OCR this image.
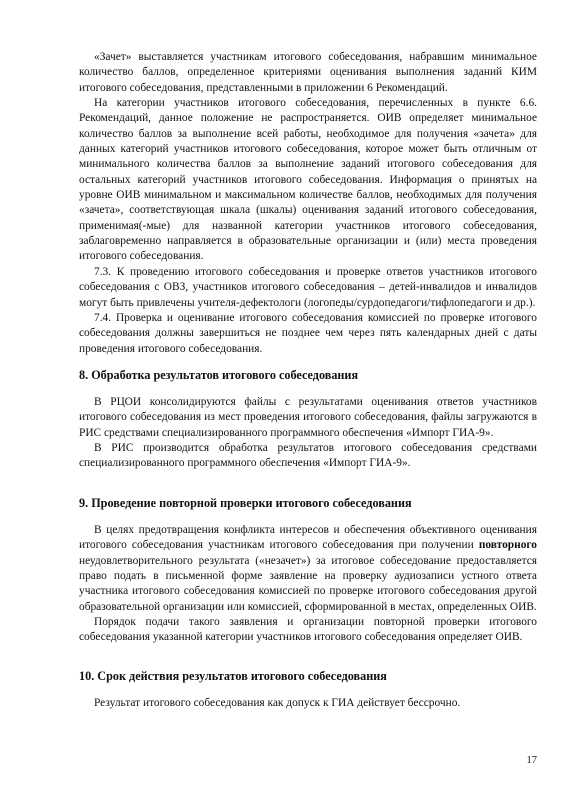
«Зачет» выставляется участникам итогового собеседования, набравшим минимальное количество баллов, определенное критериями оценивания выполнения заданий КИМ итогового собеседования, представленными в приложении 6 Рекомендаций.

На категории участников итогового собеседования, перечисленных в пункте 6.6. Рекомендаций, данное положение не распространяется. ОИВ определяет минимальное количество баллов за выполнение всей работы, необходимое для получения «зачета» для данных категорий участников итогового собеседования, которое может быть отличным от минимального количества баллов за выполнение заданий итогового собеседования для остальных категорий участников итогового собеседования. Информация о принятых на уровне ОИВ минимальном и максимальном количестве баллов, необходимых для получения «зачета», соответствующая шкала (шкалы) оценивания заданий итогового собеседования, применимая(-мые) для названной категории участников итогового собеседования, заблаговременно направляется в образовательные организации и (или) места проведения итогового собеседования.

7.3. К проведению итогового собеседования и проверке ответов участников итогового собеседования с ОВЗ, участников итогового собеседования – детей-инвалидов и инвалидов могут быть привлечены учителя-дефектологи (логопеды/сурдопедагоги/тифлопедагоги и др.).

7.4. Проверка и оценивание итогового собеседования комиссией по проверке итогового собеседования должны завершиться не позднее чем через пять календарных дней с даты проведения итогового собеседования.

8. Обработка результатов итогового собеседования

В РЦОИ консолидируются файлы с результатами оценивания ответов участников итогового собеседования из мест проведения итогового собеседования, файлы загружаются в РИС средствами специализированного программного обеспечения «Импорт ГИА-9».

В РИС производится обработка результатов итогового собеседования средствами специализированного программного обеспечения «Импорт ГИА-9».

9. Проведение повторной проверки итогового собеседования

В целях предотвращения конфликта интересов и обеспечения объективного оценивания итогового собеседования участникам итогового собеседования при получении повторного неудовлетворительного результата («незачет») за итоговое собеседование предоставляется право подать в письменной форме заявление на проверку аудиозаписи устного ответа участника итогового собеседования комиссией по проверке итогового собеседования другой образовательной организации или комиссией, сформированной в местах, определенных ОИВ.

Порядок подачи такого заявления и организации повторной проверки итогового собеседования указанной категории участников итогового собеседования определяет ОИВ.

10. Срок действия результатов итогового собеседования

Результат итогового собеседования как допуск к ГИА действует бессрочно.

17
